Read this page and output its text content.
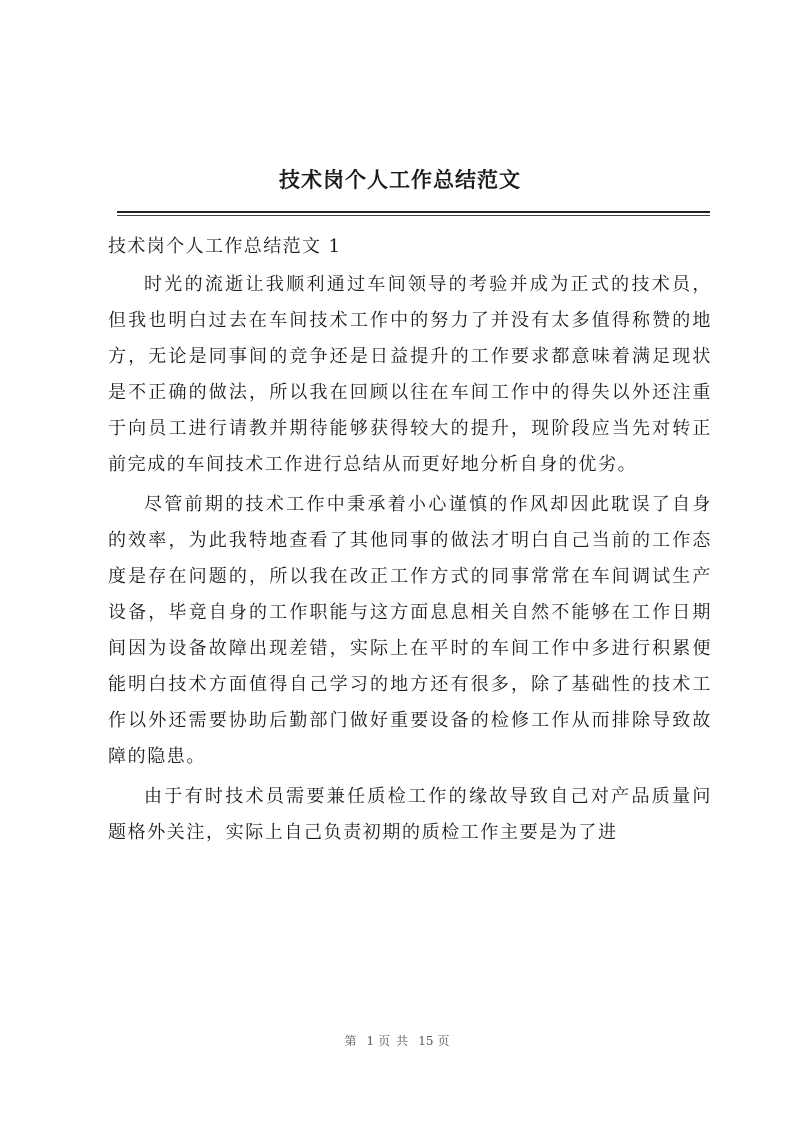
技术岗个人工作总结范文

技术岗个人工作总结范文 1

时光的流逝让我顺利通过车间领导的考验并成为正式的技术员，但我也明白过去在车间技术工作中的努力了并没有太多值得称赞的地方，无论是同事间的竞争还是日益提升的工作要求都意味着满足现状是不正确的做法，所以我在回顾以往在车间工作中的得失以外还注重于向员工进行请教并期待能够获得较大的提升，现阶段应当先对转正前完成的车间技术工作进行总结从而更好地分析自身的优劣。

尽管前期的技术工作中秉承着小心谨慎的作风却因此耽误了自身的效率，为此我特地查看了其他同事的做法才明白自己当前的工作态度是存在问题的，所以我在改正工作方式的同事常常在车间调试生产设备，毕竟自身的工作职能与这方面息息相关自然不能够在工作日期间因为设备故障出现差错，实际上在平时的车间工作中多进行积累便能明白技术方面值得自己学习的地方还有很多，除了基础性的技术工作以外还需要协助后勤部门做好重要设备的检修工作从而排除导致故障的隐患。

由于有时技术员需要兼任质检工作的缘故导致自己对产品质量问题格外关注，实际上自己负责初期的质检工作主要是为了进

第 1 页共 15 页
